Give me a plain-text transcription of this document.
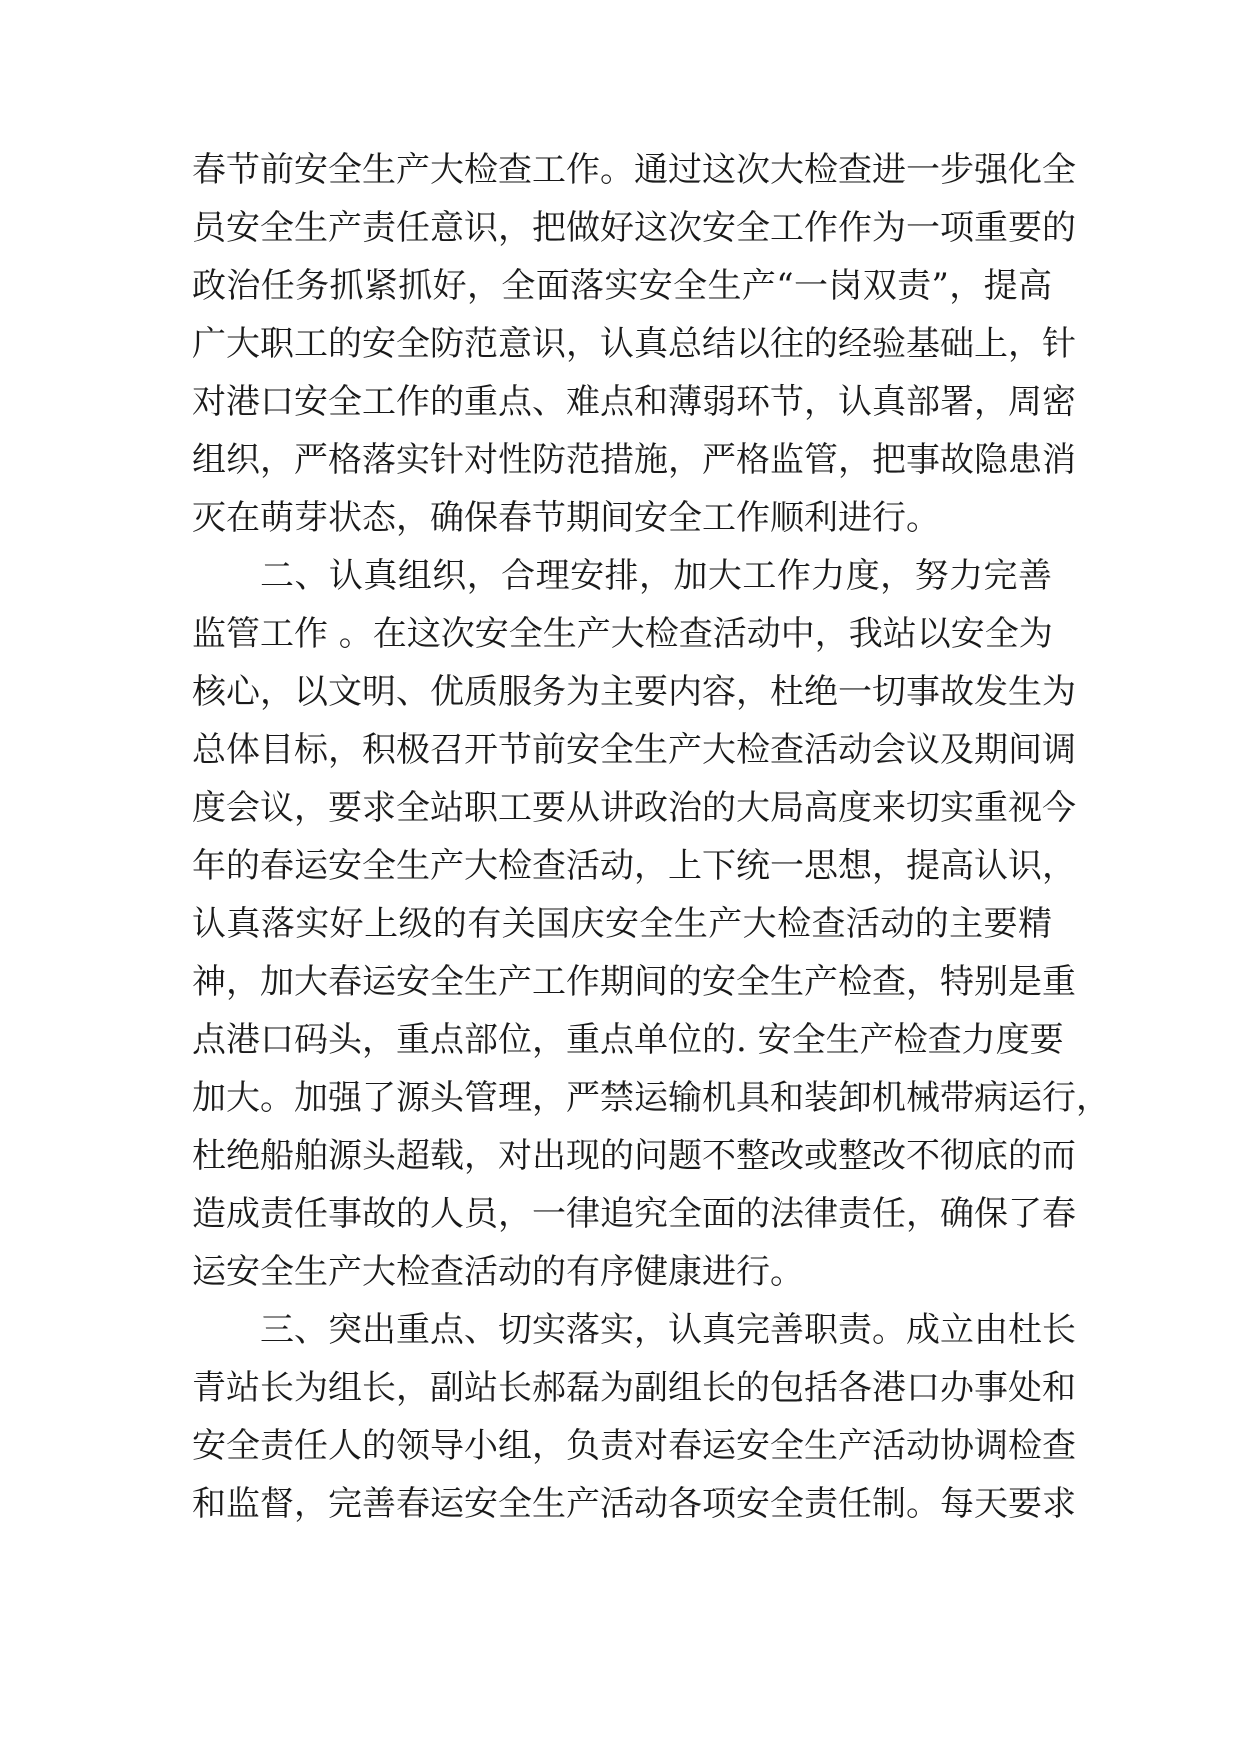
春节前安全生产大检查工作。通过这次大检查进一步强化全
员安全生产责任意识，把做好这次安全工作作为一项重要的
政治任务抓紧抓好，全面落实安全生产“一岗双责”，提高
广大职工的安全防范意识，认真总结以往的经验基础上，针
对港口安全工作的重点、难点和薄弱环节，认真部署，周密
组织，严格落实针对性防范措施，严格监管，把事故隐患消
灭在萌芽状态，确保春节期间安全工作顺利进行。
二、认真组织，合理安排，加大工作力度，努力完善
监管工作 。在这次安全生产大检查活动中，我站以安全为
核心，以文明、优质服务为主要内容，杜绝一切事故发生为
总体目标，积极召开节前安全生产大检查活动会议及期间调
度会议，要求全站职工要从讲政治的大局高度来切实重视今
年的春运安全生产大检查活动，上下统一思想，提高认识，
认真落实好上级的有关国庆安全生产大检查活动的主要精
神，加大春运安全生产工作期间的安全生产检查，特别是重
点港口码头，重点部位，重点单位的. 安全生产检查力度要
加大。加强了源头管理，严禁运输机具和装卸机械带病运行，
杜绝船舶源头超载，对出现的问题不整改或整改不彻底的而
造成责任事故的人员，一律追究全面的法律责任，确保了春
运安全生产大检查活动的有序健康进行。
三、突出重点、切实落实，认真完善职责。成立由杜长
青站长为组长，副站长郝磊为副组长的包括各港口办事处和
安全责任人的领导小组，负责对春运安全生产活动协调检查
和监督，完善春运安全生产活动各项安全责任制。每天要求
